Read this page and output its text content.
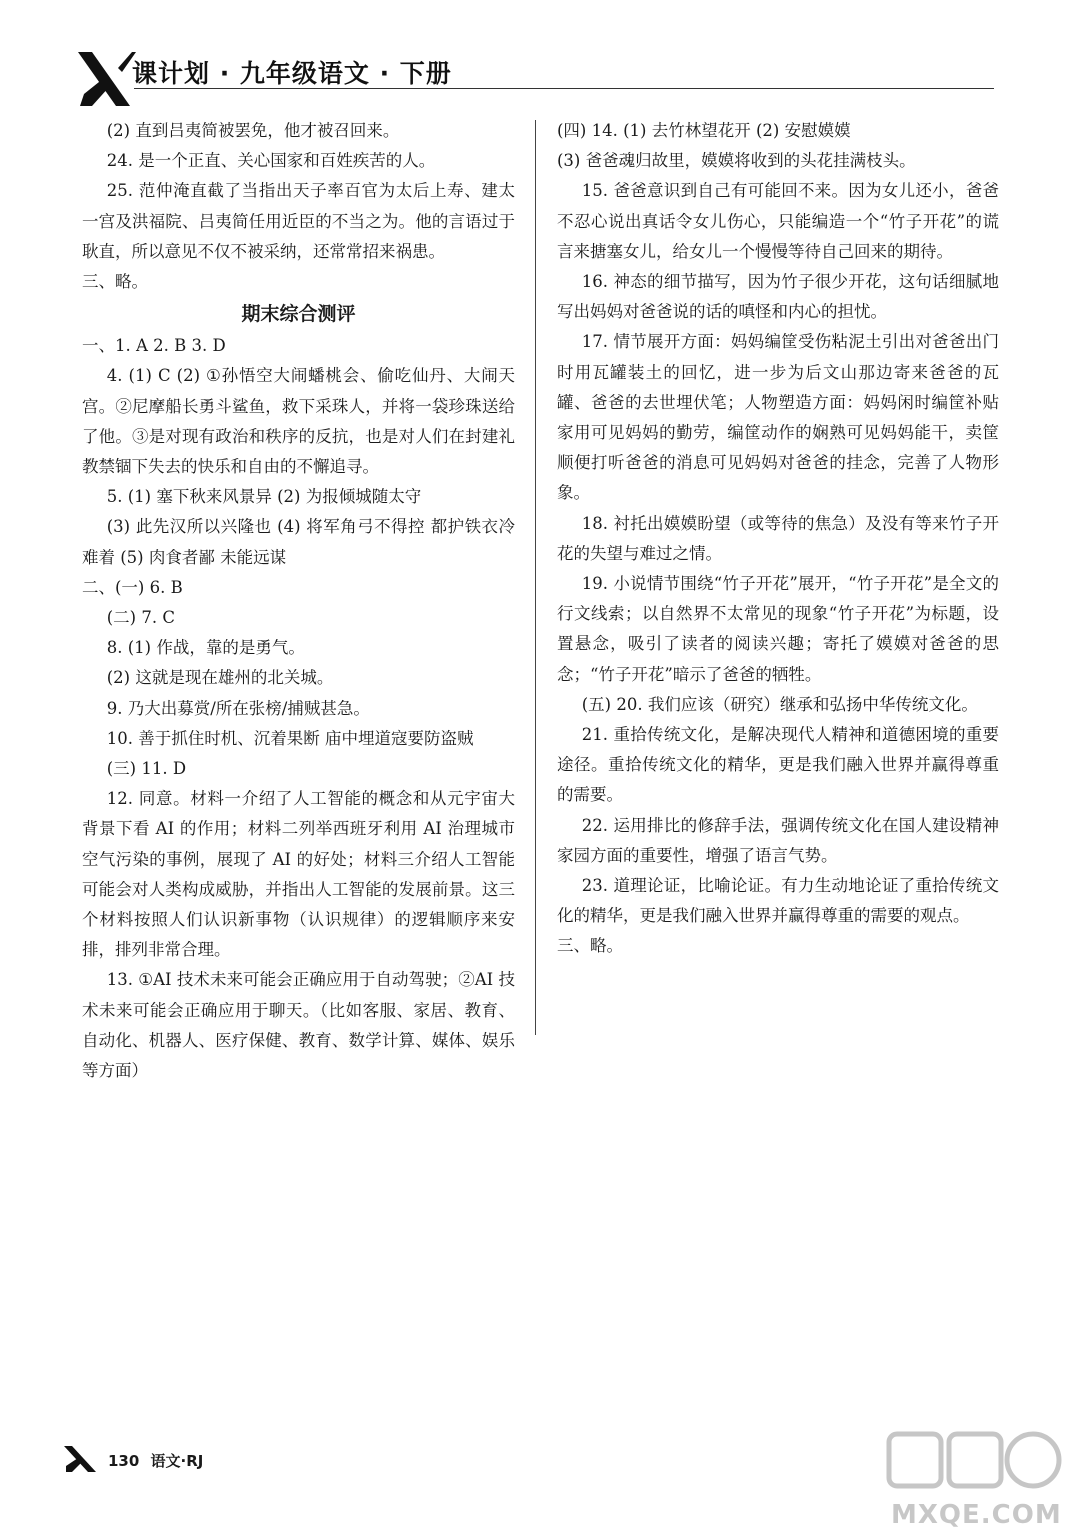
课计划 · 九年级语文 · 下册

(2) 直到吕夷简被罢免，他才被召回来。

24. 是一个正直、关心国家和百姓疾苦的人。

25. 范仲淹直截了当指出天子率百官为太后上寿、建太一宫及洪福院、吕夷简任用近臣的不当之为。他的言语过于耿直，所以意见不仅不被采纳，还常常招来祸患。

三、略。

期末综合测评

一、1. A 2. B 3. D

4. (1) C (2) ①孙悟空大闹蟠桃会、偷吃仙丹、大闹天宫。②尼摩船长勇斗鲨鱼，救下采珠人，并将一袋珍珠送给了他。③是对现有政治和秩序的反抗，也是对人们在封建礼教禁锢下失去的快乐和自由的不懈追寻。

5. (1) 塞下秋来风景异 (2) 为报倾城随太守

(3) 此先汉所以兴隆也 (4) 将军角弓不得控 都护铁衣冷难着 (5) 肉食者鄙 未能远谋

二、(一) 6. B

(二) 7. C

8. (1) 作战，靠的是勇气。

(2) 这就是现在雄州的北关城。

9. 乃大出募赏/所在张榜/捕贼甚急。

10. 善于抓住时机、沉着果断 庙中埋道寇要防盗贼

(三) 11. D

12. 同意。材料一介绍了人工智能的概念和从元宇宙大背景下看 AI 的作用；材料二列举西班牙利用 AI 治理城市空气污染的事例，展现了 AI 的好处；材料三介绍人工智能可能会对人类构成威胁，并指出人工智能的发展前景。这三个材料按照人们认识新事物（认识规律）的逻辑顺序来安排，排列非常合理。

13. ①AI 技术未来可能会正确应用于自动驾驶；②AI 技术未来可能会正确应用于聊天。（比如客服、家居、教育、自动化、机器人、医疗保健、教育、数学计算、媒体、娱乐等方面）

(四) 14. (1) 去竹林望花开 (2) 安慰嫫嫫

(3) 爸爸魂归故里，嫫嫫将收到的头花挂满枝头。

15. 爸爸意识到自己有可能回不来。因为女儿还小，爸爸不忍心说出真话令女儿伤心，只能编造一个“竹子开花”的谎言来搪塞女儿，给女儿一个慢慢等待自己回来的期待。

16. 神态的细节描写，因为竹子很少开花，这句话细腻地写出妈妈对爸爸说的话的嗔怪和内心的担忧。

17. 情节展开方面：妈妈编筐受伤粘泥土引出对爸爸出门时用瓦罐装土的回忆，进一步为后文山那边寄来爸爸的瓦罐、爸爸的去世埋伏笔；人物塑造方面：妈妈闲时编筐补贴家用可见妈妈的勤劳，编筐动作的娴熟可见妈妈能干，卖筐顺便打听爸爸的消息可见妈妈对爸爸的挂念，完善了人物形象。

18. 衬托出嫫嫫盼望（或等待的焦急）及没有等来竹子开花的失望与难过之情。

19. 小说情节围绕“竹子开花”展开，“竹子开花”是全文的行文线索；以自然界不太常见的现象“竹子开花”为标题，设置悬念，吸引了读者的阅读兴趣；寄托了嫫嫫对爸爸的思念；“竹子开花”暗示了爸爸的牺牲。

(五) 20. 我们应该（研究）继承和弘扬中华传统文化。

21. 重拾传统文化，是解决现代人精神和道德困境的重要途径。重拾传统文化的精华，更是我们融入世界并赢得尊重的需要。

22. 运用排比的修辞手法，强调传统文化在国人建设精神家园方面的重要性，增强了语言气势。

23. 道理论证，比喻论证。有力生动地论证了重拾传统文化的精华，更是我们融入世界并赢得尊重的需要的观点。

三、略。

130 语文·RJ
MXQE.COM
